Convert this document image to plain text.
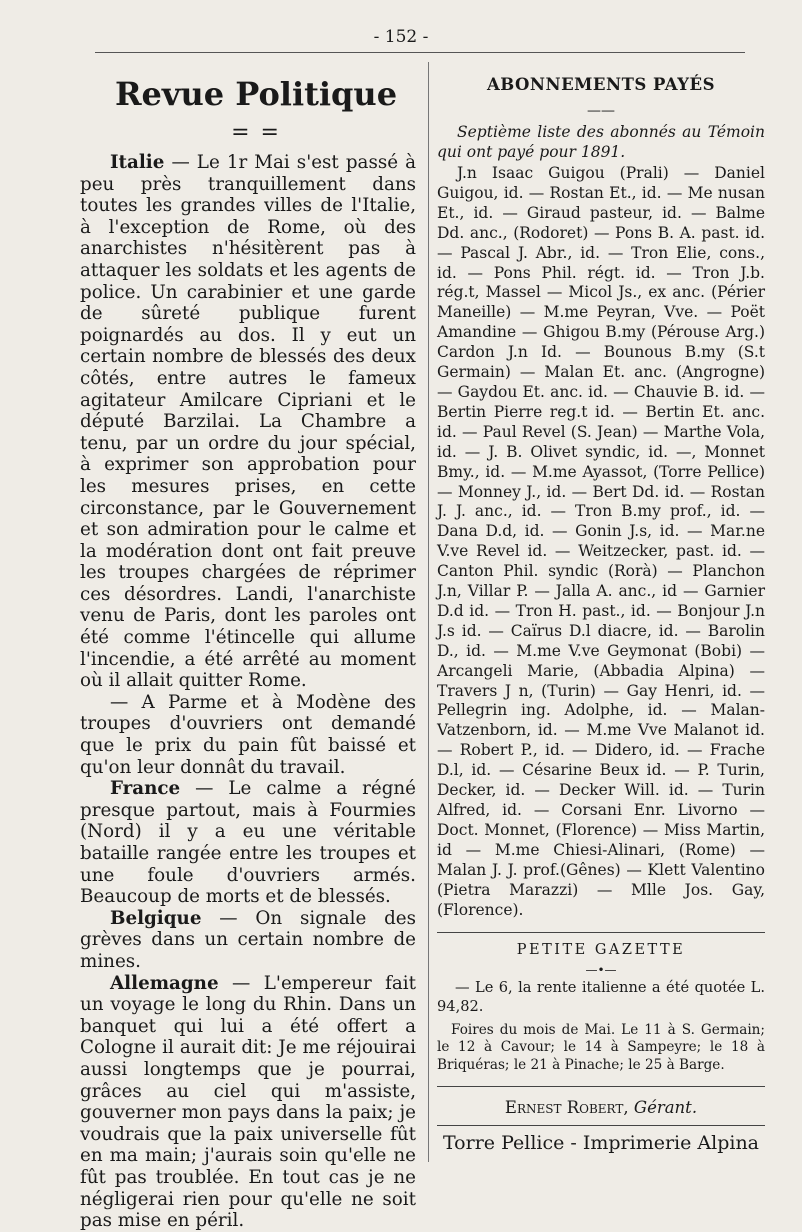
- 152 -
Revue Politique
= =

Italie — Le 1r Mai s'est passé à peu près tranquillement dans toutes les grandes villes de l'Italie, à l'exception de Rome, où des anarchistes n'hésitèrent pas à attaquer les soldats et les agents de police. Un carabinier et une garde de sûreté publique furent poignardés au dos. Il y eut un certain nombre de blessés des deux côtés, entre autres le fameux agitateur Amilcare Cipriani et le député Barzilai. La Chambre a tenu, par un ordre du jour spécial, à exprimer son approbation pour les mesures prises, en cette circonstance, par le Gouvernement et son admiration pour le calme et la modération dont ont fait preuve les troupes chargées de réprimer ces désordres. Landi, l'anarchiste venu de Paris, dont les paroles ont été comme l'étincelle qui allume l'incendie, a été arrêté au moment où il allait quitter Rome.

— A Parme et à Modène des troupes d'ouvriers ont demandé que le prix du pain fût baissé et qu'on leur donnât du travail.

France — Le calme a régné presque partout, mais à Fourmies (Nord) il y a eu une véritable bataille rangée entre les troupes et une foule d'ouvriers armés. Beaucoup de morts et de blessés.

Belgique — On signale des grèves dans un certain nombre de mines.

Allemagne — L'empereur fait un voyage le long du Rhin. Dans un banquet qui lui a été offert a Cologne il aurait dit: Je me réjouirai aussi longtemps que je pourrai, grâces au ciel qui m'assiste, gouverner mon pays dans la paix; je voudrais que la paix universelle fût en ma main; j'aurais soin qu'elle ne fût pas troublée. En tout cas je ne négligerai rien pour qu'elle ne soit pas mise en péril.

ABONNEMENTS PAYÉS
——

Septième liste des abonnés au Témoin qui ont payé pour 1891.

J.n Isaac Guigou (Prali) — Daniel Guigou, id. — Rostan Et., id. — Me nusan Et., id. — Giraud pasteur, id. — Balme Dd. anc., (Rodoret) — Pons B. A. past. id. — Pascal J. Abr., id. — Tron Elie, cons., id. — Pons Phil. régt. id. — Tron J.b. rég.t, Massel — Micol Js., ex anc. (Périer Maneille) — M.me Peyran, Vve. — Poët Amandine — Ghigou B.my (Pérouse Arg.) Cardon J.n Id. — Bounous B.my (S.t Germain) — Malan Et. anc. (Angrogne) — Gaydou Et. anc. id. — Chauvie B. id. — Bertin Pierre reg.t id. — Bertin Et. anc. id. — Paul Revel (S. Jean) — Marthe Vola, id. — J. B. Olivet syndic, id. —, Monnet Bmy., id. — M.me Ayassot, (Torre Pellice) — Monney J., id. — Bert Dd. id. — Rostan J. J. anc., id. — Tron B.my prof., id. — Dana D.d, id. — Gonin J.s, id. — Mar.ne V.ve Revel id. — Weitzecker, past. id. — Canton Phil. syndic (Rorà) — Planchon J.n, Villar P. — Jalla A. anc., id — Garnier D.d id. — Tron H. past., id. — Bonjour J.n J.s id. — Caïrus D.l diacre, id. — Barolin D., id. — M.me V.ve Geymonat (Bobi) — Arcangeli Marie, (Abbadia Alpina) — Travers J n, (Turin) — Gay Henri, id. — Pellegrin ing. Adolphe, id. — Malan-Vatzenborn, id. — M.me Vve Malanot id. — Robert P., id. — Didero, id. — Frache D.l, id. — Césarine Beux id. — P. Turin, Decker, id. — Decker Will. id. — Turin Alfred, id. — Corsani Enr. Livorno — Doct. Monnet, (Florence) — Miss Martin, id — M.me Chiesi-Alinari, (Rome) — Malan J. J. prof.(Gênes) — Klett Valentino (Pietra Marazzi) — Mlle Jos. Gay, (Florence).

PETITE GAZETTE
—•—

— Le 6, la rente italienne a été quotée L. 94,82.

Foires du mois de Mai. Le 11 à S. Germain; le 12 à Cavour; le 14 à Sampeyre; le 18 à Briquéras; le 21 à Pinache; le 25 à Barge.

Ernest Robert, Gérant.

Torre Pellice - Imprimerie Alpina
